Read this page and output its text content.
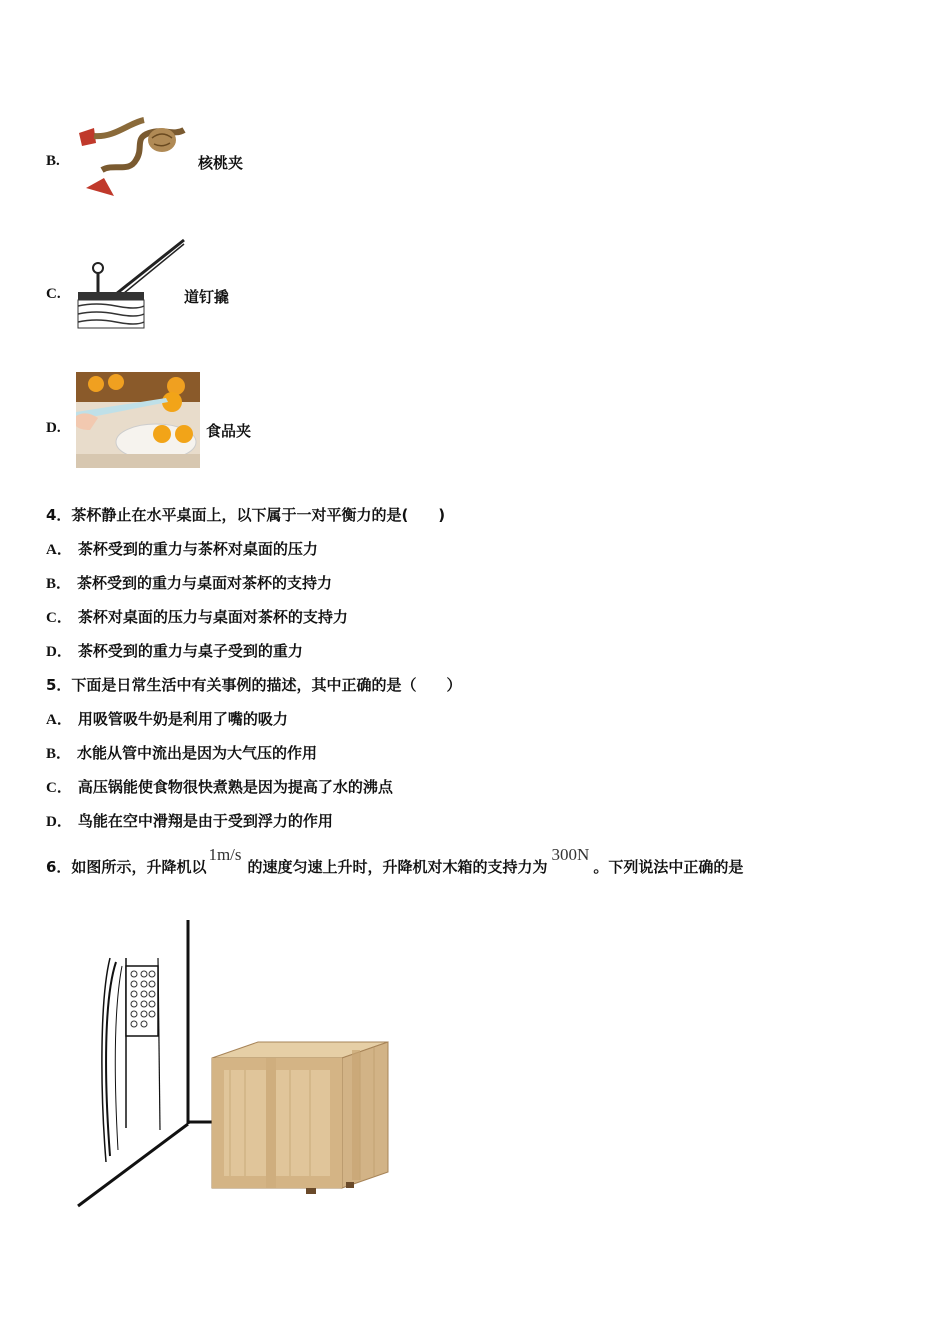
B.	核桃夹
C.	道钉撬
D.	食品夹
4．茶杯静止在水平桌面上，以下属于一对平衡力的是(　　)
A． 茶杯受到的重力与茶杯对桌面的压力
B． 茶杯受到的重力与桌面对茶杯的支持力
C． 茶杯对桌面的压力与桌面对茶杯的支持力
D． 茶杯受到的重力与桌子受到的重力
5．下面是日常生活中有关事例的描述，其中正确的是（　　）
A． 用吸管吸牛奶是利用了嘴的吸力
B． 水能从管中流出是因为大气压的作用
C． 高压锅能使食物很快煮熟是因为提高了水的沸点
D． 鸟能在空中滑翔是由于受到浮力的作用
6．如图所示，升降机以1m/s的速度匀速上升时，升降机对木箱的支持力为300N。下列说法中正确的是
